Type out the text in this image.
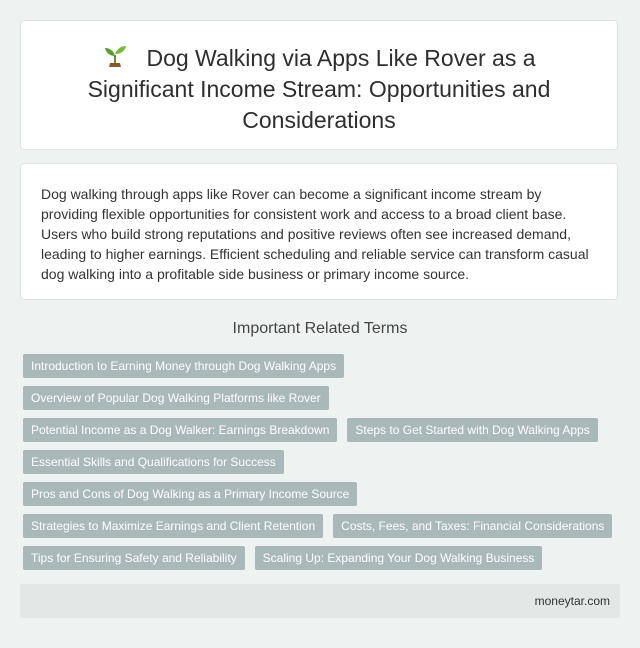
Dog Walking via Apps Like Rover as a Significant Income Stream: Opportunities and Considerations

Dog walking through apps like Rover can become a significant income stream by providing flexible opportunities for consistent work and access to a broad client base. Users who build strong reputations and positive reviews often see increased demand, leading to higher earnings. Efficient scheduling and reliable service can transform casual dog walking into a profitable side business or primary income source.

Important Related Terms
Introduction to Earning Money through Dog Walking Apps
Overview of Popular Dog Walking Platforms like Rover
Potential Income as a Dog Walker: Earnings Breakdown	Steps to Get Started with Dog Walking Apps
Essential Skills and Qualifications for Success
Pros and Cons of Dog Walking as a Primary Income Source
Strategies to Maximize Earnings and Client Retention	Costs, Fees, and Taxes: Financial Considerations
Tips for Ensuring Safety and Reliability	Scaling Up: Expanding Your Dog Walking Business
moneytar.com
